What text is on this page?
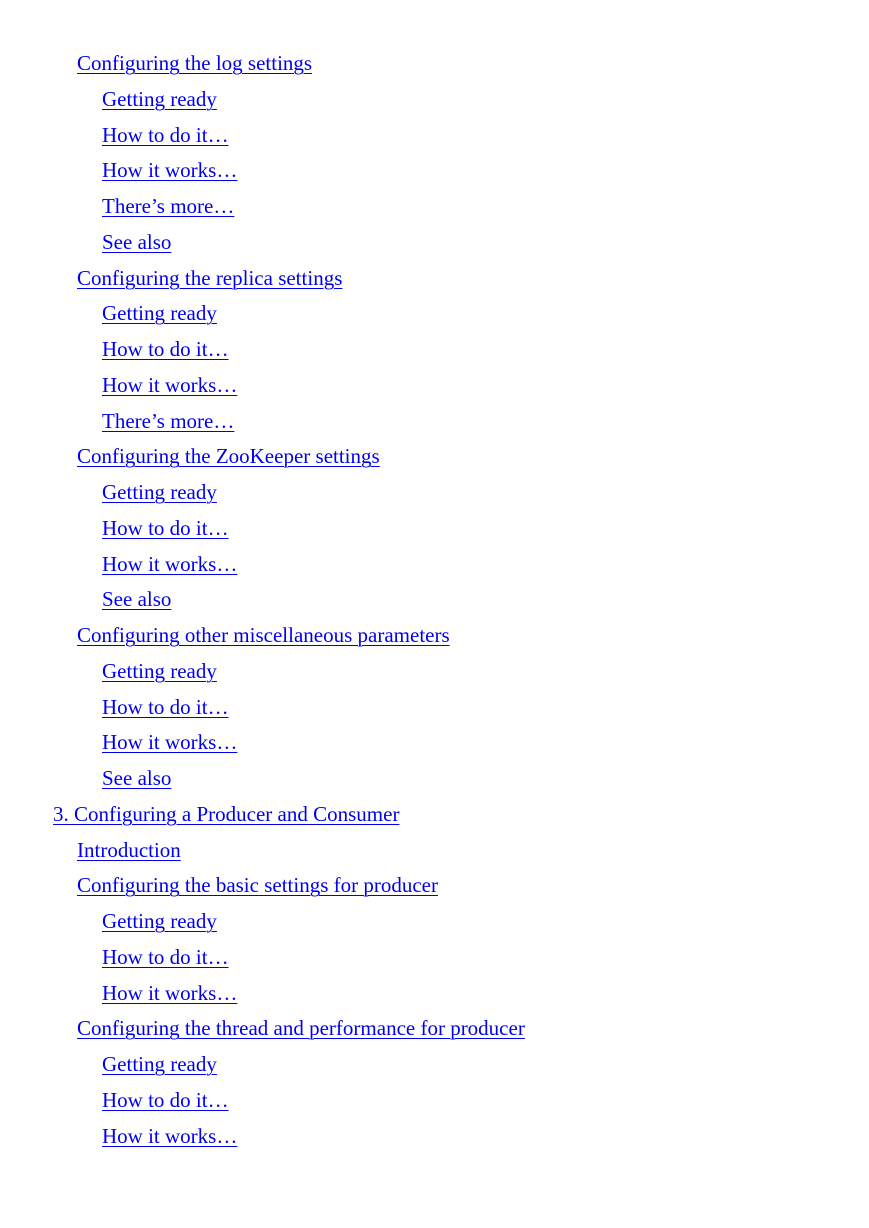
Configuring the log settings
Getting ready
How to do it…
How it works…
There’s more…
See also
Configuring the replica settings
Getting ready
How to do it…
How it works…
There’s more…
Configuring the ZooKeeper settings
Getting ready
How to do it…
How it works…
See also
Configuring other miscellaneous parameters
Getting ready
How to do it…
How it works…
See also
3. Configuring a Producer and Consumer
Introduction
Configuring the basic settings for producer
Getting ready
How to do it…
How it works…
Configuring the thread and performance for producer
Getting ready
How to do it…
How it works…
